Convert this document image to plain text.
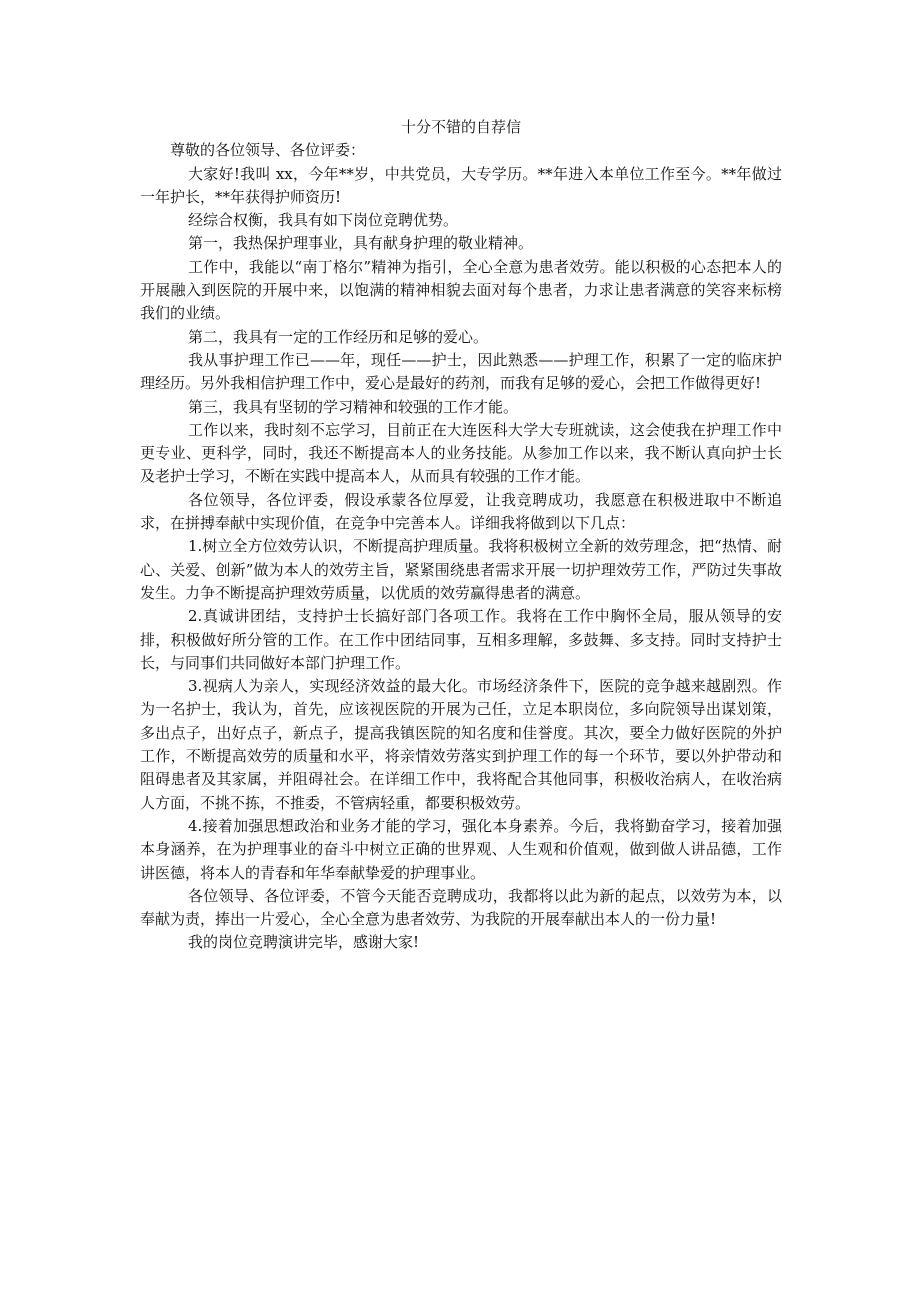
十分不错的自荐信

尊敬的各位领导、各位评委：

大家好!我叫 xx，今年**岁，中共党员，大专学历。**年进入本单位工作至今。**年做过一年护长，**年获得护师资历!

经综合权衡，我具有如下岗位竞聘优势。

第一，我热保护理事业，具有献身护理的敬业精神。

工作中，我能以“南丁格尔”精神为指引，全心全意为患者效劳。能以积极的心态把本人的开展融入到医院的开展中来，以饱满的精神相貌去面对每个患者，力求让患者满意的笑容来标榜我们的业绩。

第二，我具有一定的工作经历和足够的爱心。

我从事护理工作已——年，现任——护士，因此熟悉——护理工作，积累了一定的临床护理经历。另外我相信护理工作中，爱心是最好的药剂，而我有足够的爱心，会把工作做得更好!

第三，我具有坚韧的学习精神和较强的工作才能。

工作以来，我时刻不忘学习，目前正在大连医科大学大专班就读，这会使我在护理工作中更专业、更科学，同时，我还不断提高本人的业务技能。从参加工作以来，我不断认真向护士长及老护士学习，不断在实践中提高本人，从而具有较强的工作才能。

各位领导，各位评委，假设承蒙各位厚爱，让我竞聘成功，我愿意在积极进取中不断追求，在拼搏奉献中实现价值，在竞争中完善本人。详细我将做到以下几点：

1.树立全方位效劳认识，不断提高护理质量。我将积极树立全新的效劳理念，把“热情、耐心、关爱、创新”做为本人的效劳主旨，紧紧围绕患者需求开展一切护理效劳工作，严防过失事故发生。力争不断提高护理效劳质量，以优质的效劳赢得患者的满意。

2.真诚讲团结，支持护士长搞好部门各项工作。我将在工作中胸怀全局，服从领导的安排，积极做好所分管的工作。在工作中团结同事，互相多理解，多鼓舞、多支持。同时支持护士长，与同事们共同做好本部门护理工作。

3.视病人为亲人，实现经济效益的最大化。市场经济条件下，医院的竞争越来越剧烈。作为一名护士，我认为，首先，应该视医院的开展为己任，立足本职岗位，多向院领导出谋划策，多出点子，出好点子，新点子，提高我镇医院的知名度和佳誉度。其次，要全力做好医院的外护工作，不断提高效劳的质量和水平，将亲情效劳落实到护理工作的每一个环节，要以外护带动和阻碍患者及其家属，并阻碍社会。在详细工作中，我将配合其他同事，积极收治病人，在收治病人方面，不挑不拣，不推委，不管病轻重，都要积极效劳。

4.接着加强思想政治和业务才能的学习，强化本身素养。今后，我将勤奋学习，接着加强本身涵养，在为护理事业的奋斗中树立正确的世界观、人生观和价值观，做到做人讲品德，工作讲医德，将本人的青春和年华奉献挚爱的护理事业。

各位领导、各位评委，不管今天能否竞聘成功，我都将以此为新的起点，以效劳为本，以奉献为责，捧出一片爱心，全心全意为患者效劳、为我院的开展奉献出本人的一份力量!

我的岗位竞聘演讲完毕，感谢大家!
